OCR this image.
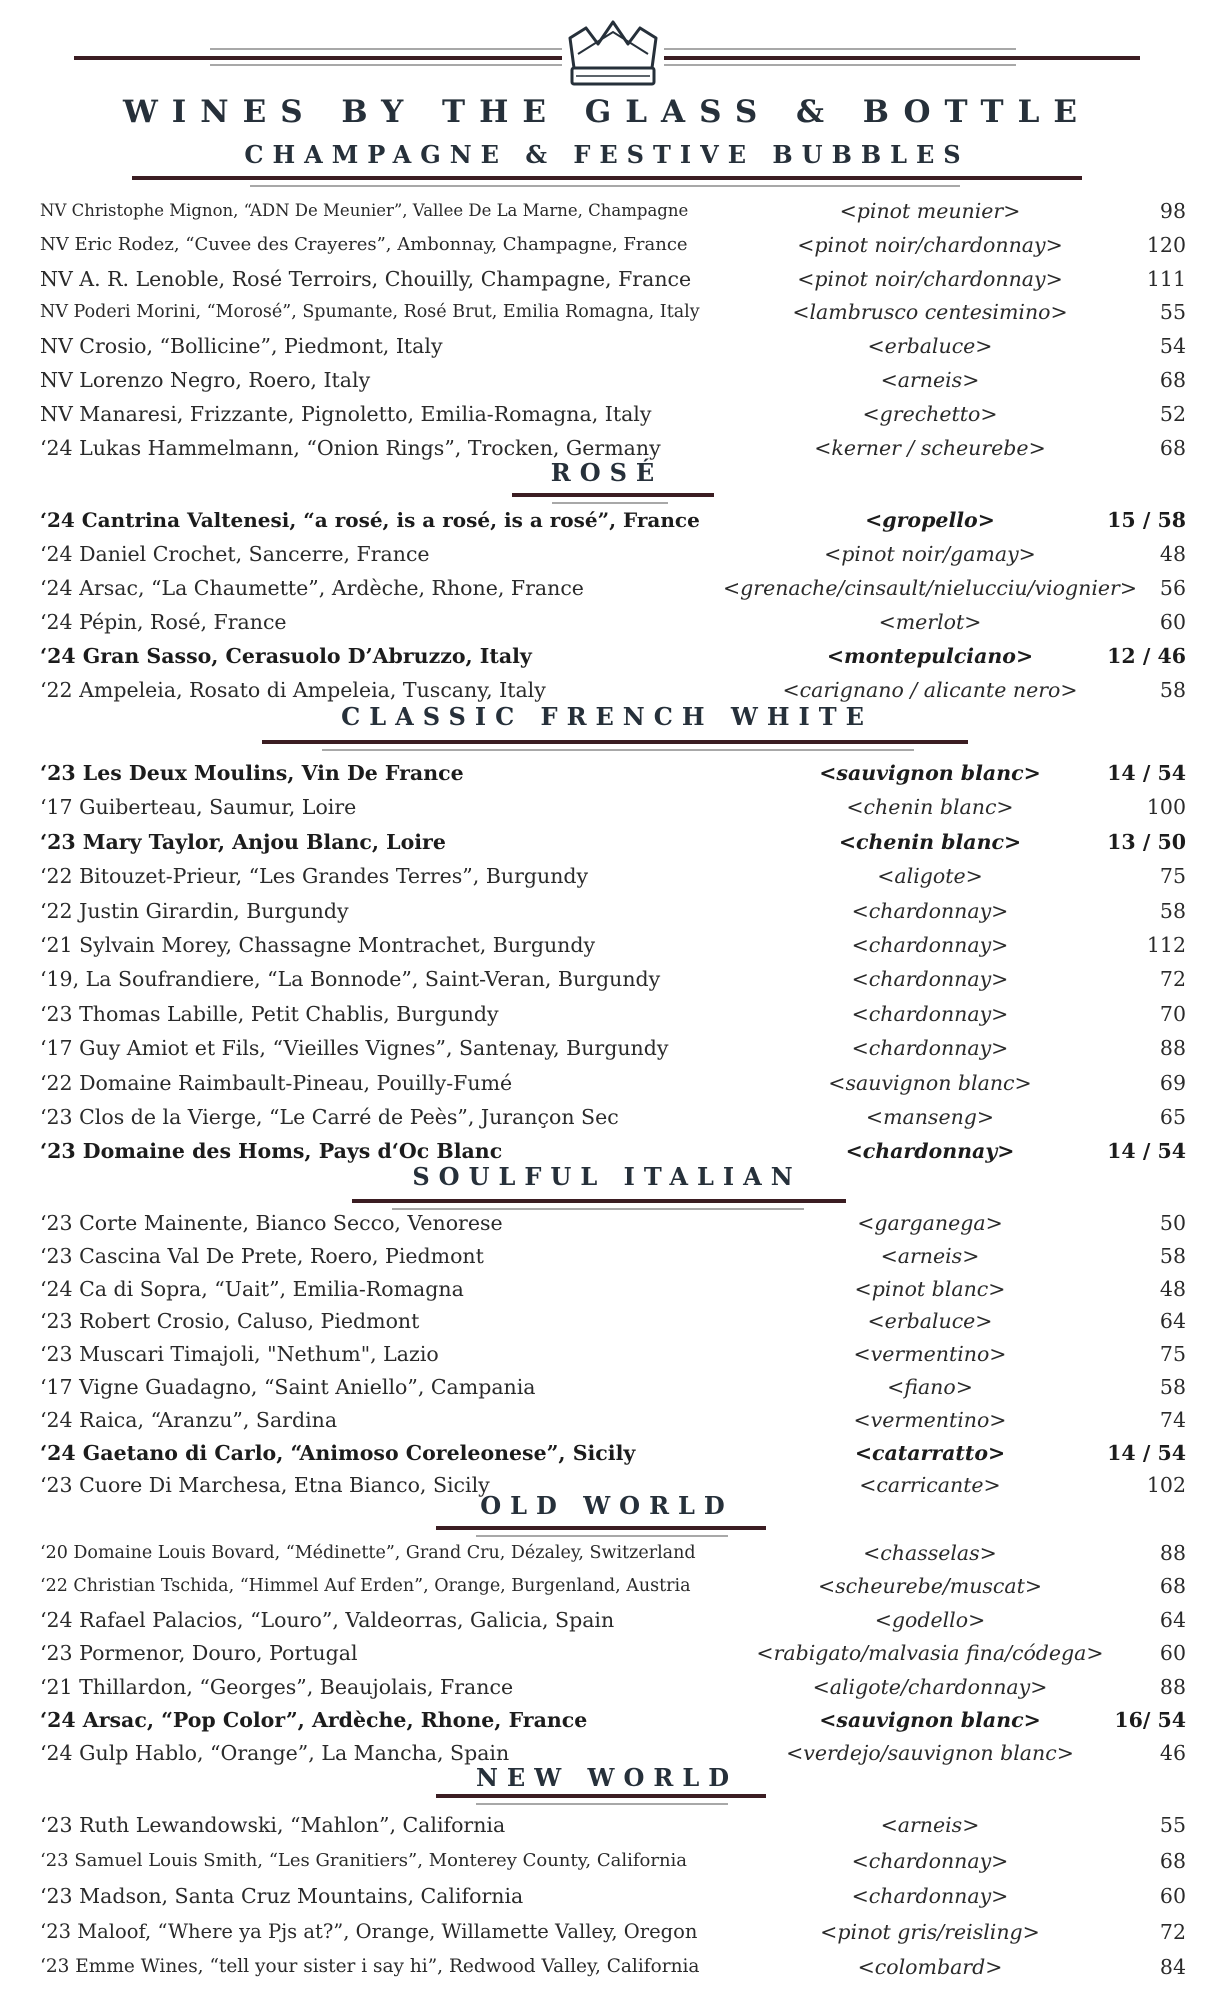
WINES BY THE GLASS & BOTTLE
CHAMPAGNE & FESTIVE BUBBLES
NV Christophe Mignon, “ADN De Meunier”, Vallee De La Marne, Champagne	<pinot meunier>	98
NV Eric Rodez, “Cuvee des Crayeres”, Ambonnay, Champagne, France	<pinot noir/chardonnay>	120
NV A. R. Lenoble, Rosé Terroirs, Chouilly, Champagne, France	<pinot noir/chardonnay>	111
NV Poderi Morini, “Morosé”, Spumante, Rosé Brut, Emilia Romagna, Italy	<lambrusco centesimino>	55
NV Crosio, “Bollicine”, Piedmont, Italy	<erbaluce>	54
NV Lorenzo Negro, Roero, Italy	<arneis>	68
NV Manaresi, Frizzante, Pignoletto, Emilia-Romagna, Italy	<grechetto>	52
‘24 Lukas Hammelmann, “Onion Rings”, Trocken, Germany	<kerner / scheurebe>	68
ROSÉ
‘24 Cantrina Valtenesi, “a rosé, is a rosé, is a rosé”, France	<gropello>	15 / 58
‘24 Daniel Crochet, Sancerre, France	<pinot noir/gamay>	48
‘24 Arsac, “La Chaumette”, Ardèche, Rhone, France	<grenache/cinsault/nielucciu/viognier>	56
‘24 Pépin, Rosé, France	<merlot>	60
‘24 Gran Sasso, Cerasuolo D’Abruzzo, Italy	<montepulciano>	12 / 46
‘22 Ampeleia, Rosato di Ampeleia, Tuscany, Italy	<carignano / alicante nero>	58
CLASSIC FRENCH WHITE
‘23 Les Deux Moulins, Vin De France	<sauvignon blanc>	14 / 54
‘17 Guiberteau, Saumur, Loire	<chenin blanc>	100
‘23 Mary Taylor, Anjou Blanc, Loire	<chenin blanc>	13 / 50
‘22 Bitouzet-Prieur, “Les Grandes Terres”, Burgundy	<aligote>	75
‘22 Justin Girardin, Burgundy	<chardonnay>	58
‘21 Sylvain Morey, Chassagne Montrachet, Burgundy	<chardonnay>	112
‘19, La Soufrandiere, “La Bonnode”, Saint-Veran, Burgundy	<chardonnay>	72
‘23 Thomas Labille, Petit Chablis, Burgundy	<chardonnay>	70
‘17 Guy Amiot et Fils, “Vieilles Vignes”, Santenay, Burgundy	<chardonnay>	88
‘22 Domaine Raimbault-Pineau, Pouilly-Fumé	<sauvignon blanc>	69
‘23 Clos de la Vierge, “Le Carré de Peès”, Jurançon Sec	<manseng>	65
‘23 Domaine des Homs, Pays d‘Oc Blanc	<chardonnay>	14 / 54
SOULFUL ITALIAN
‘23 Corte Mainente, Bianco Secco, Venorese	<garganega>	50
‘23 Cascina Val De Prete, Roero, Piedmont	<arneis>	58
‘24 Ca di Sopra, “Uait”, Emilia-Romagna	<pinot blanc>	48
‘23 Robert Crosio, Caluso, Piedmont	<erbaluce>	64
‘23 Muscari Timajoli, "Nethum", Lazio	<vermentino>	75
‘17 Vigne Guadagno, “Saint Aniello”, Campania	<fiano>	58
‘24 Raica, “Aranzu”, Sardina	<vermentino>	74
‘24 Gaetano di Carlo, “Animoso Coreleonese”, Sicily	<catarratto>	14 / 54
‘23 Cuore Di Marchesa, Etna Bianco, Sicily	<carricante>	102
OLD WORLD
‘20 Domaine Louis Bovard, “Médinette”, Grand Cru, Dézaley, Switzerland	<chasselas>	88
‘22 Christian Tschida, “Himmel Auf Erden”, Orange, Burgenland, Austria	<scheurebe/muscat>	68
‘24 Rafael Palacios, “Louro”, Valdeorras, Galicia, Spain	<godello>	64
‘23 Pormenor, Douro, Portugal	<rabigato/malvasia fina/códega>	60
‘21 Thillardon, “Georges”, Beaujolais, France	<aligote/chardonnay>	88
‘24 Arsac, “Pop Color”, Ardèche, Rhone, France	<sauvignon blanc>	16/ 54
‘24 Gulp Hablo, “Orange”, La Mancha, Spain	<verdejo/sauvignon blanc>	46
NEW WORLD
‘23 Ruth Lewandowski, “Mahlon”, California	<arneis>	55
‘23 Samuel Louis Smith, “Les Granitiers”, Monterey County, California	<chardonnay>	68
‘23 Madson, Santa Cruz Mountains, California	<chardonnay>	60
‘23 Maloof, “Where ya Pjs at?”, Orange, Willamette Valley, Oregon	<pinot gris/reisling>	72
‘23 Emme Wines, “tell your sister i say hi”, Redwood Valley, California	<colombard>	84
